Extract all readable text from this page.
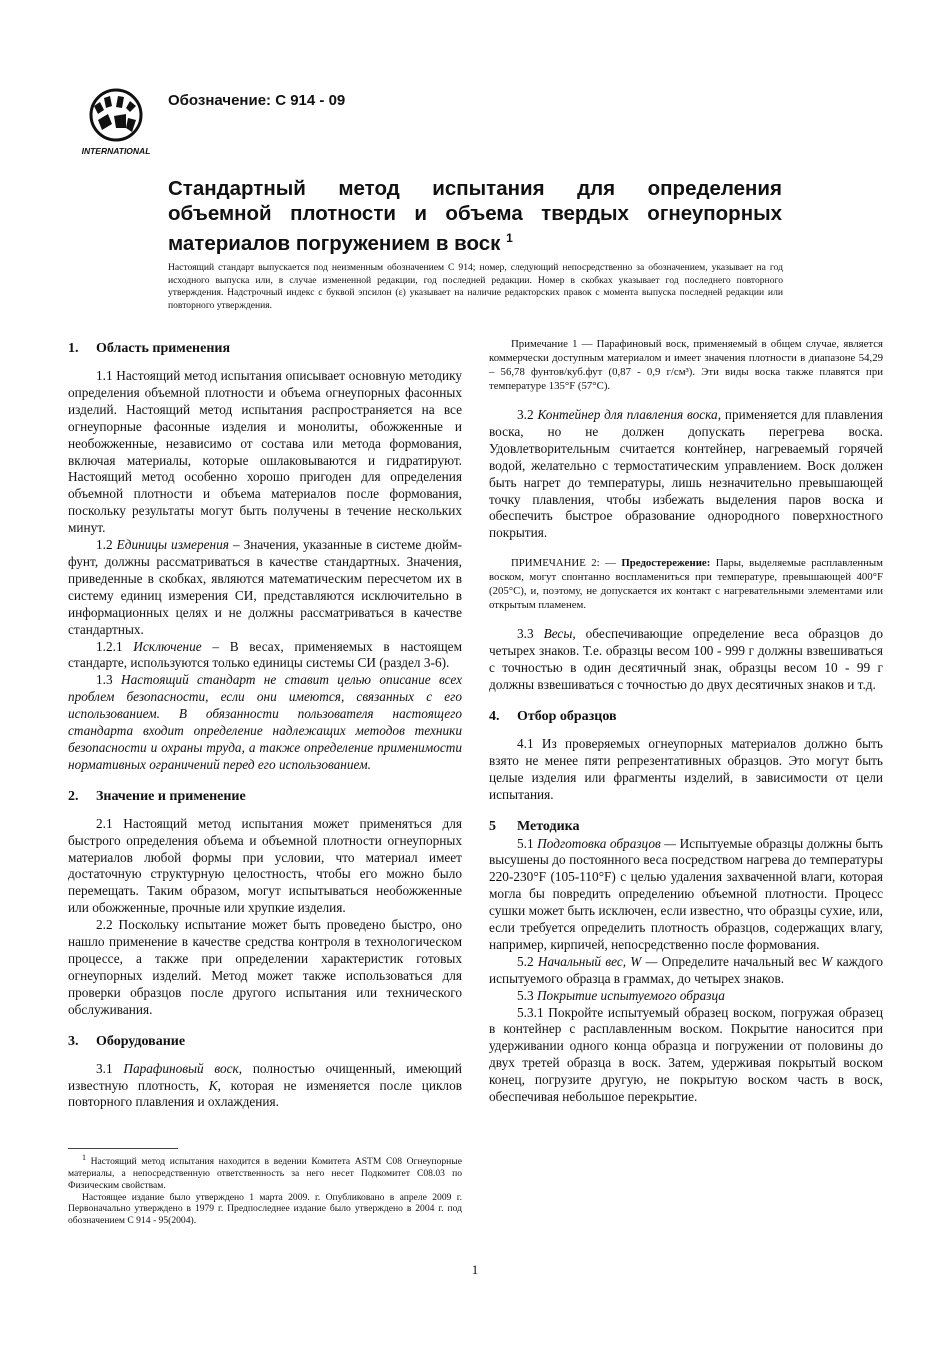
INTERNATIONAL
Обозначение: C 914 - 09
Стандартный метод испытания для определения объемной плотности и объема твердых огнеупорных материалов погружением в воск $^1$

Настоящий стандарт выпускается под неизменным обозначением C 914; номер, следующий непосредственно за обозначением, указывает на год исходного выпуска или, в случае измененной редакции, год последней редакции. Номер в скобках указывает год последнего повторного утверждения. Надстрочный индекс с буквой эпсилон (ε) указывает на наличие редакторских правок с момента выпуска последней редакции или повторного утверждения.

1. Область применения

1.1 Настоящий метод испытания описывает основную методику определения объемной плотности и объема огнеупорных фасонных изделий. Настоящий метод испытания распространяется на все огнеупорные фасонные изделия и монолиты, обожженные и необожженные, независимо от состава или метода формования, включая материалы, которые ошлаковываются и гидратируют. Настоящий метод особенно хорошо пригоден для определения объемной плотности и объема материалов после формования, поскольку результаты могут быть получены в течение нескольких минут.

1.2 Единицы измерения – Значения, указанные в системе дюйм-фунт, должны рассматриваться в качестве стандартных. Значения, приведенные в скобках, являются математическим пересчетом их в систему единиц измерения СИ, представляются исключительно в информационных целях и не должны рассматриваться в качестве стандартных.

1.2.1 Исключение – В весах, применяемых в настоящем стандарте, используются только единицы системы СИ (раздел 3-6).

1.3 Настоящий стандарт не ставит целью описание всех проблем безопасности, если они имеются, связанных с его использованием. В обязанности пользователя настоящего стандарта входит определение надлежащих методов техники безопасности и охраны труда, а также определение применимости нормативных ограничений перед его использованием.

2. Значение и применение

2.1 Настоящий метод испытания может применяться для быстрого определения объема и объемной плотности огнеупорных материалов любой формы при условии, что материал имеет достаточную структурную целостность, чтобы его можно было перемещать. Таким образом, могут испытываться необожженные или обожженные, прочные или хрупкие изделия.

2.2 Поскольку испытание может быть проведено быстро, оно нашло применение в качестве средства контроля в технологическом процессе, а также при определении характеристик готовых огнеупорных изделий. Метод может также использоваться для проверки образцов после другого испытания или технического обслуживания.

3. Оборудование

3.1 Парафиновый воск, полностью очищенный, имеющий известную плотность, K, которая не изменяется после циклов повторного плавления и охлаждения.

Примечание 1 — Парафиновый воск, применяемый в общем случае, является коммерчески доступным материалом и имеет значения плотности в диапазоне 54,29 – 56,78 фунтов/куб.фут (0,87 - 0,9 г/см³). Эти виды воска также плавятся при температуре 135°F (57°C).

3.2 Контейнер для плавления воска, применяется для плавления воска, но не должен допускать перегрева воска. Удовлетворительным считается контейнер, нагреваемый горячей водой, желательно с термостатическим управлением. Воск должен быть нагрет до температуры, лишь незначительно превышающей точку плавления, чтобы избежать выделения паров воска и обеспечить быстрое образование однородного поверхностного покрытия.

ПРИМЕЧАНИЕ 2: — Предостережение: Пары, выделяемые расплавленным воском, могут спонтанно воспламениться при температуре, превышающей 400°F (205°C), и, поэтому, не допускается их контакт с нагревательными элементами или открытым пламенем.

3.3 Весы, обеспечивающие определение веса образцов до четырех знаков. Т.е. образцы весом 100 - 999 г должны взвешиваться с точностью в один десятичный знак, образцы весом 10 - 99 г должны взвешиваться с точностью до двух десятичных знаков и т.д.

4. Отбор образцов

4.1 Из проверяемых огнеупорных материалов должно быть взято не менее пяти репрезентативных образцов. Это могут быть целые изделия или фрагменты изделий, в зависимости от цели испытания.

5 Методика

5.1 Подготовка образцов — Испытуемые образцы должны быть высушены до постоянного веса посредством нагрева до температуры 220-230°F (105-110°F) с целью удаления захваченной влаги, которая могла бы повредить определению объемной плотности. Процесс сушки может быть исключен, если известно, что образцы сухие, или, если требуется определить плотность образцов, содержащих влагу, например, кирпичей, непосредственно после формования.

5.2 Начальный вес, W — Определите начальный вес W каждого испытуемого образца в граммах, до четырех знаков.

5.3 Покрытие испытуемого образца

5.3.1 Покройте испытуемый образец воском, погружая образец в контейнер с расплавленным воском. Покрытие наносится при удерживании одного конца образца и погружении от половины до двух третей образца в воск. Затем, удерживая покрытый воском конец, погрузите другую, не покрытую воском часть в воск, обеспечивая небольшое перекрытие.

$^1$ Настоящий метод испытания находится в ведении Комитета ASTM C08 Огнеупорные материалы, а непосредственную ответственность за него несет Подкомитет C08.03 по Физическим свойствам.

Настоящее издание было утверждено 1 марта 2009. г. Опубликовано в апреле 2009 г. Первоначально утверждено в 1979 г. Предпоследнее издание было утверждено в 2004 г. под обозначением C 914 - 95(2004).

1
